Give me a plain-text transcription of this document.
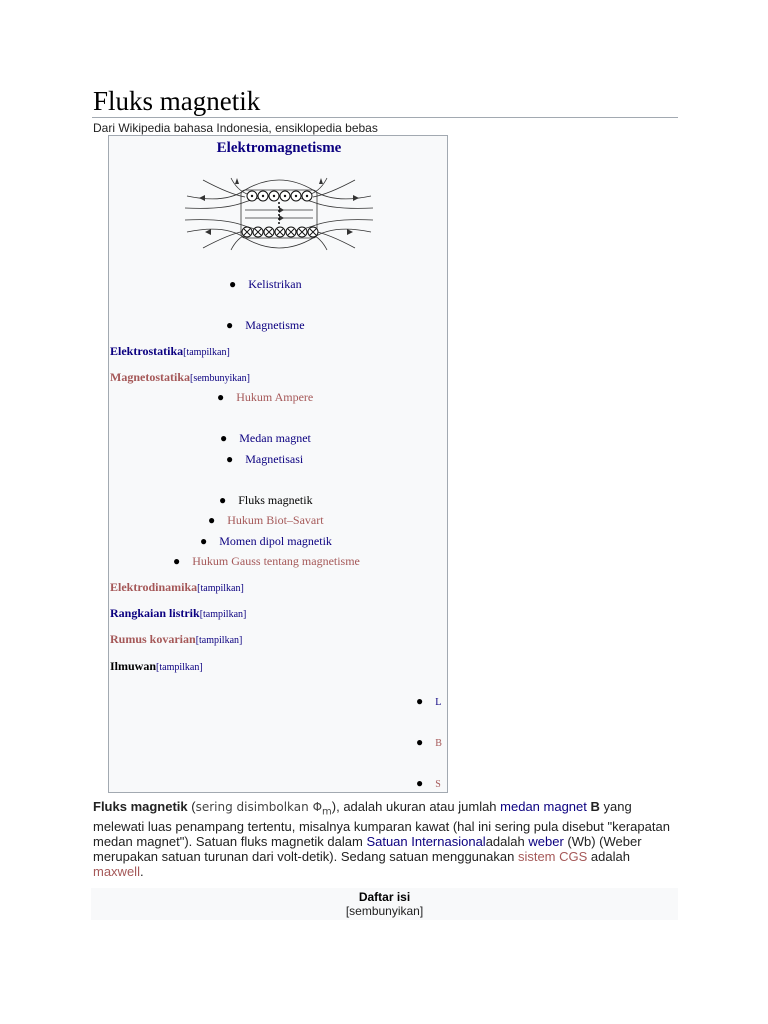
Fluks magnetik
Dari Wikipedia bahasa Indonesia, ensiklopedia bebas
Elektromagnetisme
● Kelistrikan
● Magnetisme
Elektrostatika[tampilkan]
Magnetostatika[sembunyikan]
● Hukum Ampere
● Medan magnet
● Magnetisasi
● Fluks magnetik
● Hukum Biot–Savart
● Momen dipol magnetik
● Hukum Gauss tentang magnetisme
Elektrodinamika[tampilkan]
Rangkaian listrik[tampilkan]
Rumus kovarian[tampilkan]
Ilmuwan[tampilkan]
● L
● B
● S
Fluks magnetik (sering disimbolkan $\Phi_m$), adalah ukuran atau jumlah medan magnet B yang melewati luas penampang tertentu, misalnya kumparan kawat (hal ini sering pula disebut "kerapatan medan magnet"). Satuan fluks magnetik dalam Satuan Internasionaladalah weber (Wb) (Weber merupakan satuan turunan dari volt-detik). Sedang satuan menggunakan sistem CGS adalah maxwell.
Daftar isi
[sembunyikan]
